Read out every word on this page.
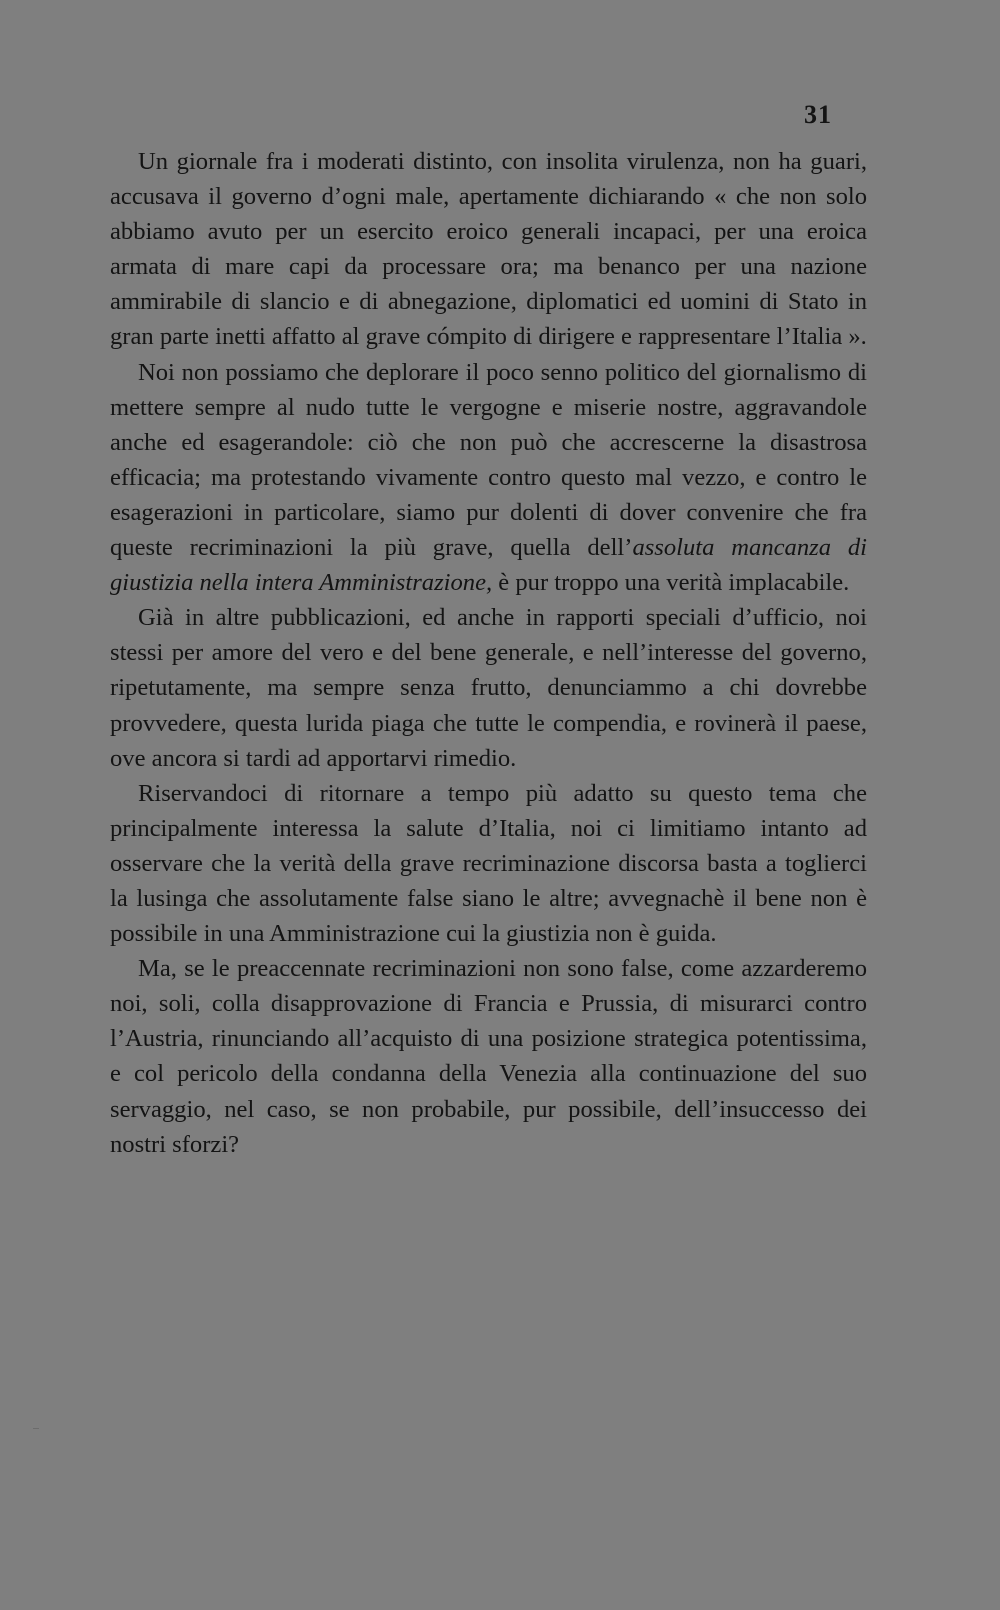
31

Un giornale fra i moderati distinto, con insolita virulenza, non ha guari, accusava il governo d’ogni male, apertamente dichiarando « che non solo abbiamo avuto per un esercito eroico generali incapaci, per una eroica armata di mare capi da processare ora; ma benanco per una nazione ammirabile di slancio e di abnegazione, diplomatici ed uomini di Stato in gran parte inetti affatto al grave cómpito di dirigere e rappresentare l’Italia ».

Noi non possiamo che deplorare il poco senno politico del giornalismo di mettere sempre al nudo tutte le vergogne e miserie nostre, aggravandole anche ed esagerandole: ciò che non può che accrescerne la disastrosa efficacia; ma protestando vivamente contro questo mal vezzo, e contro le esagerazioni in particolare, siamo pur dolenti di dover convenire che fra queste recriminazioni la più grave, quella dell’assoluta mancanza di giustizia nella intera Amministrazione, è pur troppo una verità implacabile.

Già in altre pubblicazioni, ed anche in rapporti speciali d’ufficio, noi stessi per amore del vero e del bene generale, e nell’interesse del governo, ripetutamente, ma sempre senza frutto, denunciammo a chi dovrebbe provvedere, questa lurida piaga che tutte le compendia, e rovinerà il paese, ove ancora si tardi ad apportarvi rimedio.

Riservandoci di ritornare a tempo più adatto su questo tema che principalmente interessa la salute d’Italia, noi ci limitiamo intanto ad osservare che la verità della grave recriminazione discorsa basta a toglierci la lusinga che assolutamente false siano le altre; avvegnachè il bene non è possibile in una Amministrazione cui la giustizia non è guida.

Ma, se le preaccennate recriminazioni non sono false, come azzarderemo noi, soli, colla disapprovazione di Francia e Prussia, di misurarci contro l’Austria, rinunciando all’acquisto di una posizione strategica potentissima, e col pericolo della condanna della Venezia alla continuazione del suo servaggio, nel caso, se non probabile, pur possibile, dell’insuccesso dei nostri sforzi?
